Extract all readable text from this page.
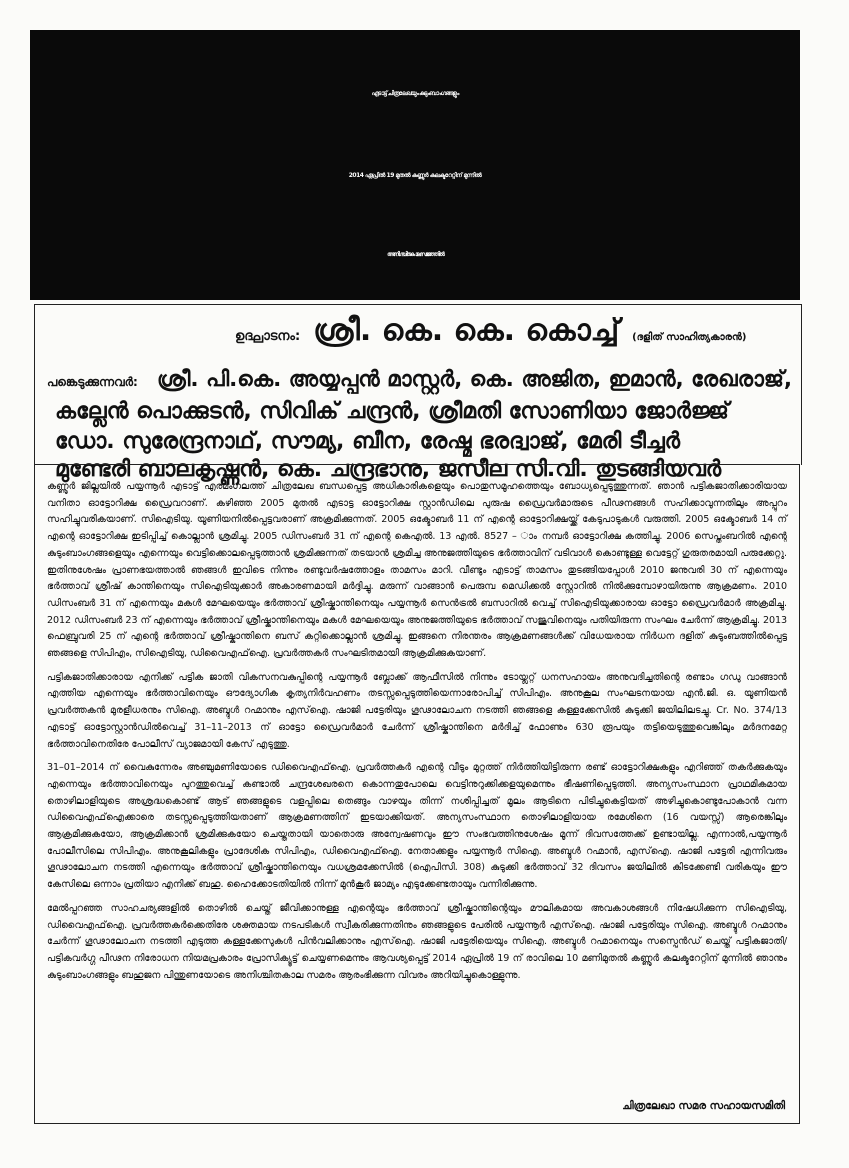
എടാട്ട് ചിത്രലേഖയും കുടുംബാംഗങ്ങളും
2014 ഏപ്രിൽ 19 മുതൽ കണ്ണൂർ കലക്ടറേറ്റിന് മുന്നിൽ
അനിശ്ചിതകാല സമരത്തിൽ
ഉദ്ഘാടനം: ശ്രീ. കെ. കെ. കൊച്ച് (ദളിത് സാഹിത്യകാരൻ)
പങ്കെടുക്കുന്നവർ: ശ്രീ. പി.കെ. അയ്യപ്പൻ മാസ്റ്റർ, കെ. അജിത, ഇമാൻ, രേഖരാജ്,
കല്ലേൻ പൊക്കുടൻ, സിവിക് ചന്ദ്രൻ, ശ്രീമതി സോണിയാ ജോർജ്ജ്
ഡോ. സുരേന്ദ്രനാഥ്, സൗമ്യ, ബീന, രേഷ്മ ഭരദ്വാജ്, മേരി ടീച്ചർ
മുണ്ടേരി ബാലകൃഷ്ണൻ, കെ. ചന്ദ്രഭാനു, ജസീല സി.വി. തുടങ്ങിയവർ

കണ്ണൂർ ജില്ലയിൽ പയ്യന്നൂർ എടാട്ട് എരമംഗലത്ത് ചിത്രലേഖ ബന്ധപ്പെട്ട അധികാരികളെയും പൊതുസമൂഹത്തെയും ബോധ്യപ്പെടുത്തുന്നത്. ഞാൻ പട്ടികജാതിക്കാരിയായ വനിതാ ഓട്ടോറിക്ഷ ഡ്രൈവറാണ്. കഴിഞ്ഞ 2005 മുതൽ എടാട്ട ഓട്ടോറിക്ഷ സ്റ്റാൻഡിലെ പുരുഷ ഡ്രൈവർമാരുടെ പീഢനങ്ങൾ സഹിക്കാവുന്നതിലും അപ്പുറം സഹിച്ചുവരികയാണ്. സിഐടിയു. യൂണിയനിൽപ്പെട്ടവരാണ് അക്രമിക്കുന്നത്. 2005 ഒക്ടോബർ 11 ന് എന്റെ ഓട്ടോറിക്ഷയ്ക്ക് കേടുപാടുകൾ വരുത്തി. 2005 ഒക്ടോബർ 14 ന് എന്റെ ഓട്ടോറിക്ഷ ഇടിപ്പിച്ച് കൊല്ലാൻ ശ്രമിച്ചു. 2005 ഡിസംബർ 31 ന് എന്റെ കെഎൽ. 13 എൽ. 8527 – ാം നമ്പർ ഓട്ടോറിക്ഷ കത്തിച്ചു. 2006 സെപ്തംബറിൽ എന്റെ കുടുംബാംഗങ്ങളെയും എന്നെയും വെട്ടിക്കൊലപ്പെടുത്താൻ ശ്രമിക്കുന്നത് തടയാൻ ശ്രമിച്ച അനുജത്തിയുടെ ഭർത്താവിന് വടിവാൾ കൊണ്ടുള്ള വെട്ടേറ്റ് ഗുരുതരമായി പരുക്കേറ്റു. ഇതിനുശേഷം പ്രാണഭയത്താൽ ഞങ്ങൾ ഇവിടെ നിന്നും രണ്ടുവർഷത്തോളം താമസം മാറി. വീണ്ടും എടാട്ട് താമസം തുടങ്ങിയപ്പോൾ 2010 ജനുവരി 30 ന് എന്നെയും ഭർത്താവ് ശ്രീഷ് കാന്തിനെയും സിഐടിയുക്കാർ അകാരണമായി മർദ്ദിച്ചു. മരുന്ന് വാങ്ങാൻ പെരുമ്പ മെഡിക്കൽ സ്റ്റോറിൽ നിൽക്കുമ്പോഴായിരുന്നു ആക്രമണം. 2010 ഡിസംബർ 31 ന് എന്നെയും മകൾ മേഘയെയും ഭർത്താവ് ശ്രീഷ്കാന്തിനെയും പയ്യന്നൂർ സെൻട്രൽ ബസാറിൽ വെച്ച് സിഐടിയുക്കാരായ ഓട്ടോ ഡ്രൈവർമാർ അക്രമിച്ചു. 2012 ഡിസംബർ 23 ന് എന്നെയും ഭർത്താവ് ശ്രീഷ്കാന്തിനെയും മകൾ മേഘയെയും അനുജത്തിയുടെ ഭർത്താവ് സജുവിനെയും പതിയിരുന്ന സംഘം ചേർന്ന് ആക്രമിച്ചു. 2013 ഫെബ്രുവരി 25 ന് എന്റെ ഭർത്താവ് ശ്രീഷ്കാന്തിനെ ബസ് കറ്റിക്കൊല്ലാൻ ശ്രമിച്ചു. ഇങ്ങനെ നിരന്തരം ആക്രമണങ്ങൾക്ക് വിധേയരായ നിർധന ദളിത് കുടുംബത്തിൽപ്പെട്ട ഞങ്ങളെ സിപിഎം, സിഐടിയു, ഡിവൈഎഫ്ഐ. പ്രവർത്തകർ സംഘടിതമായി ആക്രമിക്കുകയാണ്.

പട്ടികജാതിക്കാരായ എനിക്ക് പട്ടിക ജാതി വികസനവകുപ്പിന്റെ പയ്യന്നൂർ ബ്ലോക്ക് ആഫീസിൽ നിന്നും ടോയ്ലറ്റ് ധനസഹായം അനുവദിച്ചതിന്റെ രണ്ടാം ഗഡു വാങ്ങാൻ എത്തിയ എന്നെയും ഭർത്താവിനെയും ഔദ്യോഗിക കൃത്യനിർവഹണം തടസ്സപ്പെടുത്തിയെന്നാരോപിച്ച് സിപിഎം. അനുകൂല സംഘടനയായ എൻ.ജി. ഒ. യൂണിയൻ പ്രവർത്തകൻ മുരളീധരനും സിഐ. അബ്ദുൾ റഹ്മാനും എസ്ഐ. ഷാജി പട്ടേരിയും ഗൂഢാലോചന നടത്തി ഞങ്ങളെ കള്ളക്കേസിൽ കുടുക്കി ജയിലിലടച്ചു. Cr. No. 374/13 എടാട്ട് ഓട്ടോസ്റ്റാൻഡിൽവെച്ച് 31–11–2013 ന് ഓട്ടോ ഡ്രൈവർമാർ ചേർന്ന് ശ്രീഷ്കാന്തിനെ മർദിച്ച് ഫോണും 630 രൂപയും തട്ടിയെടുത്തുവെങ്കിലും മർദനമേറ്റ ഭർത്താവിനെതിരേ പോലീസ് വ്യാജമായി കേസ് എടുത്തു.

31–01–2014 ന് വൈകുന്നേരം അഞ്ചുമണിയോടെ ഡിവൈഎഫ്ഐ. പ്രവർത്തകർ എന്റെ വീടും മുറ്റത്ത് നിർത്തിയിട്ടിരുന്ന രണ്ട് ഓട്ടോറിക്ഷകളും എറിഞ്ഞ് തകർക്കുകയും എന്നെയും ഭർത്താവിനെയും പുറത്തുവെച്ച് കണ്ടാൽ ചന്ദ്രശേഖരനെ കൊന്നതുപോലെ വെട്ടിനുറുക്കിക്കളയുമെന്നും ഭീഷണിപ്പെടുത്തി. അന്യസംസ്ഥാന പ്രാഥമികമായ തൊഴിലാളിയുടെ അശ്രദ്ധകൊണ്ട് ആട് ഞങ്ങളുടെ വളപ്പിലെ തെങ്ങും വാഴയും തിന്ന് നശിപ്പിച്ചത് മൂലം ആടിനെ പിടിച്ചുകെട്ടിയത് അഴിച്ചുകൊണ്ടുപോകാൻ വന്ന ഡിവൈഎഫ്ഐക്കാരെ തടസ്സപ്പെടുത്തിയതാണ് ആക്രമണത്തിന് ഇടയാക്കിയത്. അന്യസംസ്ഥാന തൊഴിലാളിയായ രമേശിനെ (16 വയസ്സ്) ആരെങ്കിലും ആക്രമിക്കുകയോ, ആക്രമിക്കാൻ ശ്രമിക്കുകയോ ചെയ്തതായി യാതൊരു അന്വേഷണവും ഈ സംഭവത്തിനുശേഷം മൂന്ന് ദിവസത്തേക്ക് ഉണ്ടായില്ല. എന്നാൽ,പയ്യന്നൂർ പോലീസിലെ സിപിഎം. അനുകൂലികളും പ്രാദേശിക സിപിഎം, ഡിവൈഎഫ്ഐ. നേതാക്കളും പയ്യന്നൂർ സിഐ. അബ്ദുൾ റഹ്മാൻ, എസ്ഐ. ഷാജി പട്ടേരി എന്നിവരും ഗൂഢാലോചന നടത്തി എന്നെയും ഭർത്താവ് ശ്രീഷ്കാന്തിനെയും വധശ്രമക്കേസിൽ (ഐപിസി. 308) കുടുക്കി ഭർത്താവ് 32 ദിവസം ജയിലിൽ കിടക്കേണ്ടി വരികയും ഈ കേസിലെ ഒന്നാം പ്രതിയാ എനിക്ക് ബഹു. ഹൈക്കോടതിയിൽ നിന്ന് മുൻകൂർ ജാമ്യം എടുക്കേണ്ടതായും വന്നിരിക്കുന്നു.

മേൽപ്പറഞ്ഞ സാഹചര്യങ്ങളിൽ തൊഴിൽ ചെയ്ത് ജീവിക്കാനുള്ള എന്റെയും ഭർത്താവ് ശ്രീഷ്കാന്തിന്റെയും മൗലികമായ അവകാശങ്ങൾ നിഷേധിക്കുന്ന സിഐടിയു, ഡിവൈഎഫ്ഐ. പ്രവർത്തകർക്കെതിരേ ശക്തമായ നടപടികൾ സ്വീകരിക്കുന്നതിനും ഞങ്ങളുടെ പേരിൽ പയ്യന്നൂർ എസ്ഐ. ഷാജി പട്ടേരിയും സിഐ. അബ്ദുൾ റഹ്മാനും ചേർന്ന് ഗൂഢാലോചന നടത്തി എടുത്ത കള്ളക്കേസുകൾ പിൻവലിക്കാനും എസ്ഐ. ഷാജി പട്ടേരിയെയും സിഐ. അബ്ദുൾ റഹ്മാനെയും സസ്പെൻഡ് ചെയ്ത് പട്ടികജാതി/പട്ടികവർഗ്ഗ പീഢന നിരോധന നിയമപ്രകാരം പ്രോസിക്യൂട്ട് ചെയ്യണമെന്നും ആവശ്യപ്പെട്ട് 2014 ഏപ്രിൽ 19 ന് രാവിലെ 10 മണിമുതൽ കണ്ണൂർ കലക്ടറേറ്റിന് മുന്നിൽ ഞാനും കുടുംബാംഗങ്ങളും ബഹുജന പിന്തുണയോടെ അനിശ്ചിതകാല സമരം ആരംഭിക്കുന്ന വിവരം അറിയിച്ചുകൊള്ളുന്നു.

ചിത്രലേഖാ സമര സഹായസമിതി
